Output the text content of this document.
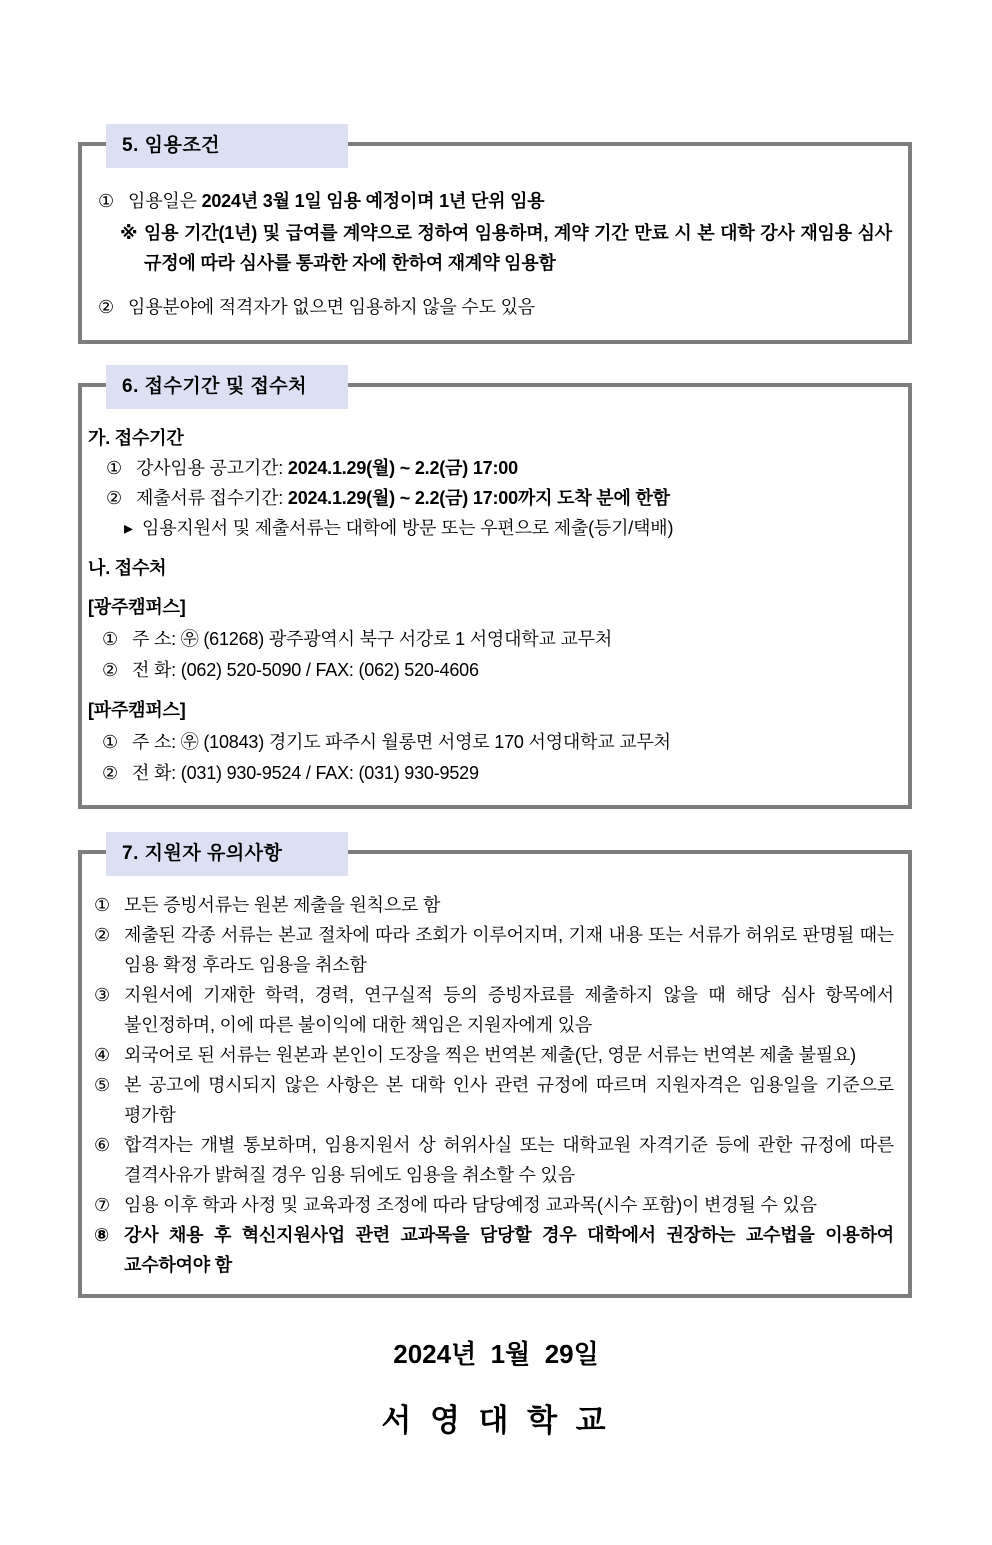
5. 임용조건
① 임용일은 2024년 3월 1일 임용 예정이며 1년 단위 임용
※ 임용 기간(1년) 및 급여를 계약으로 정하여 임용하며, 계약 기간 만료 시 본 대학 강사 재임용 심사 규정에 따라 심사를 통과한 자에 한하여 재계약 임용함
② 임용분야에 적격자가 없으면 임용하지 않을 수도 있음
6. 접수기간 및 접수처
가. 접수기간
① 강사임용 공고기간: 2024.1.29(월) ~ 2.2(금) 17:00
② 제출서류 접수기간: 2024.1.29(월) ~ 2.2(금) 17:00까지 도착 분에 한함
▸ 임용지원서 및 제출서류는 대학에 방문 또는 우편으로 제출(등기/택배)
나. 접수처
[광주캠퍼스]
① 주 소: ㉾ (61268) 광주광역시 북구 서강로 1 서영대학교 교무처
② 전 화: (062) 520-5090 / FAX: (062) 520-4606
[파주캠퍼스]
① 주 소: ㉾ (10843) 경기도 파주시 월롱면 서영로 170 서영대학교 교무처
② 전 화: (031) 930-9524 / FAX: (031) 930-9529
7. 지원자 유의사항
① 모든 증빙서류는 원본 제출을 원칙으로 함
② 제출된 각종 서류는 본교 절차에 따라 조회가 이루어지며, 기재 내용 또는 서류가 허위로 판명될 때는 임용 확정 후라도 임용을 취소함
③ 지원서에 기재한 학력, 경력, 연구실적 등의 증빙자료를 제출하지 않을 때 해당 심사 항목에서 불인정하며, 이에 따른 불이익에 대한 책임은 지원자에게 있음
④ 외국어로 된 서류는 원본과 본인이 도장을 찍은 번역본 제출(단, 영문 서류는 번역본 제출 불필요)
⑤ 본 공고에 명시되지 않은 사항은 본 대학 인사 관련 규정에 따르며 지원자격은 임용일을 기준으로 평가함
⑥ 합격자는 개별 통보하며, 임용지원서 상 허위사실 또는 대학교원 자격기준 등에 관한 규정에 따른 결격사유가 밝혀질 경우 임용 뒤에도 임용을 취소할 수 있음
⑦ 임용 이후 학과 사정 및 교육과정 조정에 따라 담당예정 교과목(시수 포함)이 변경될 수 있음
⑧ 강사 채용 후 혁신지원사업 관련 교과목을 담당할 경우 대학에서 권장하는 교수법을 이용하여 교수하여야 함
2024년  1월  29일
서 영 대 학 교
